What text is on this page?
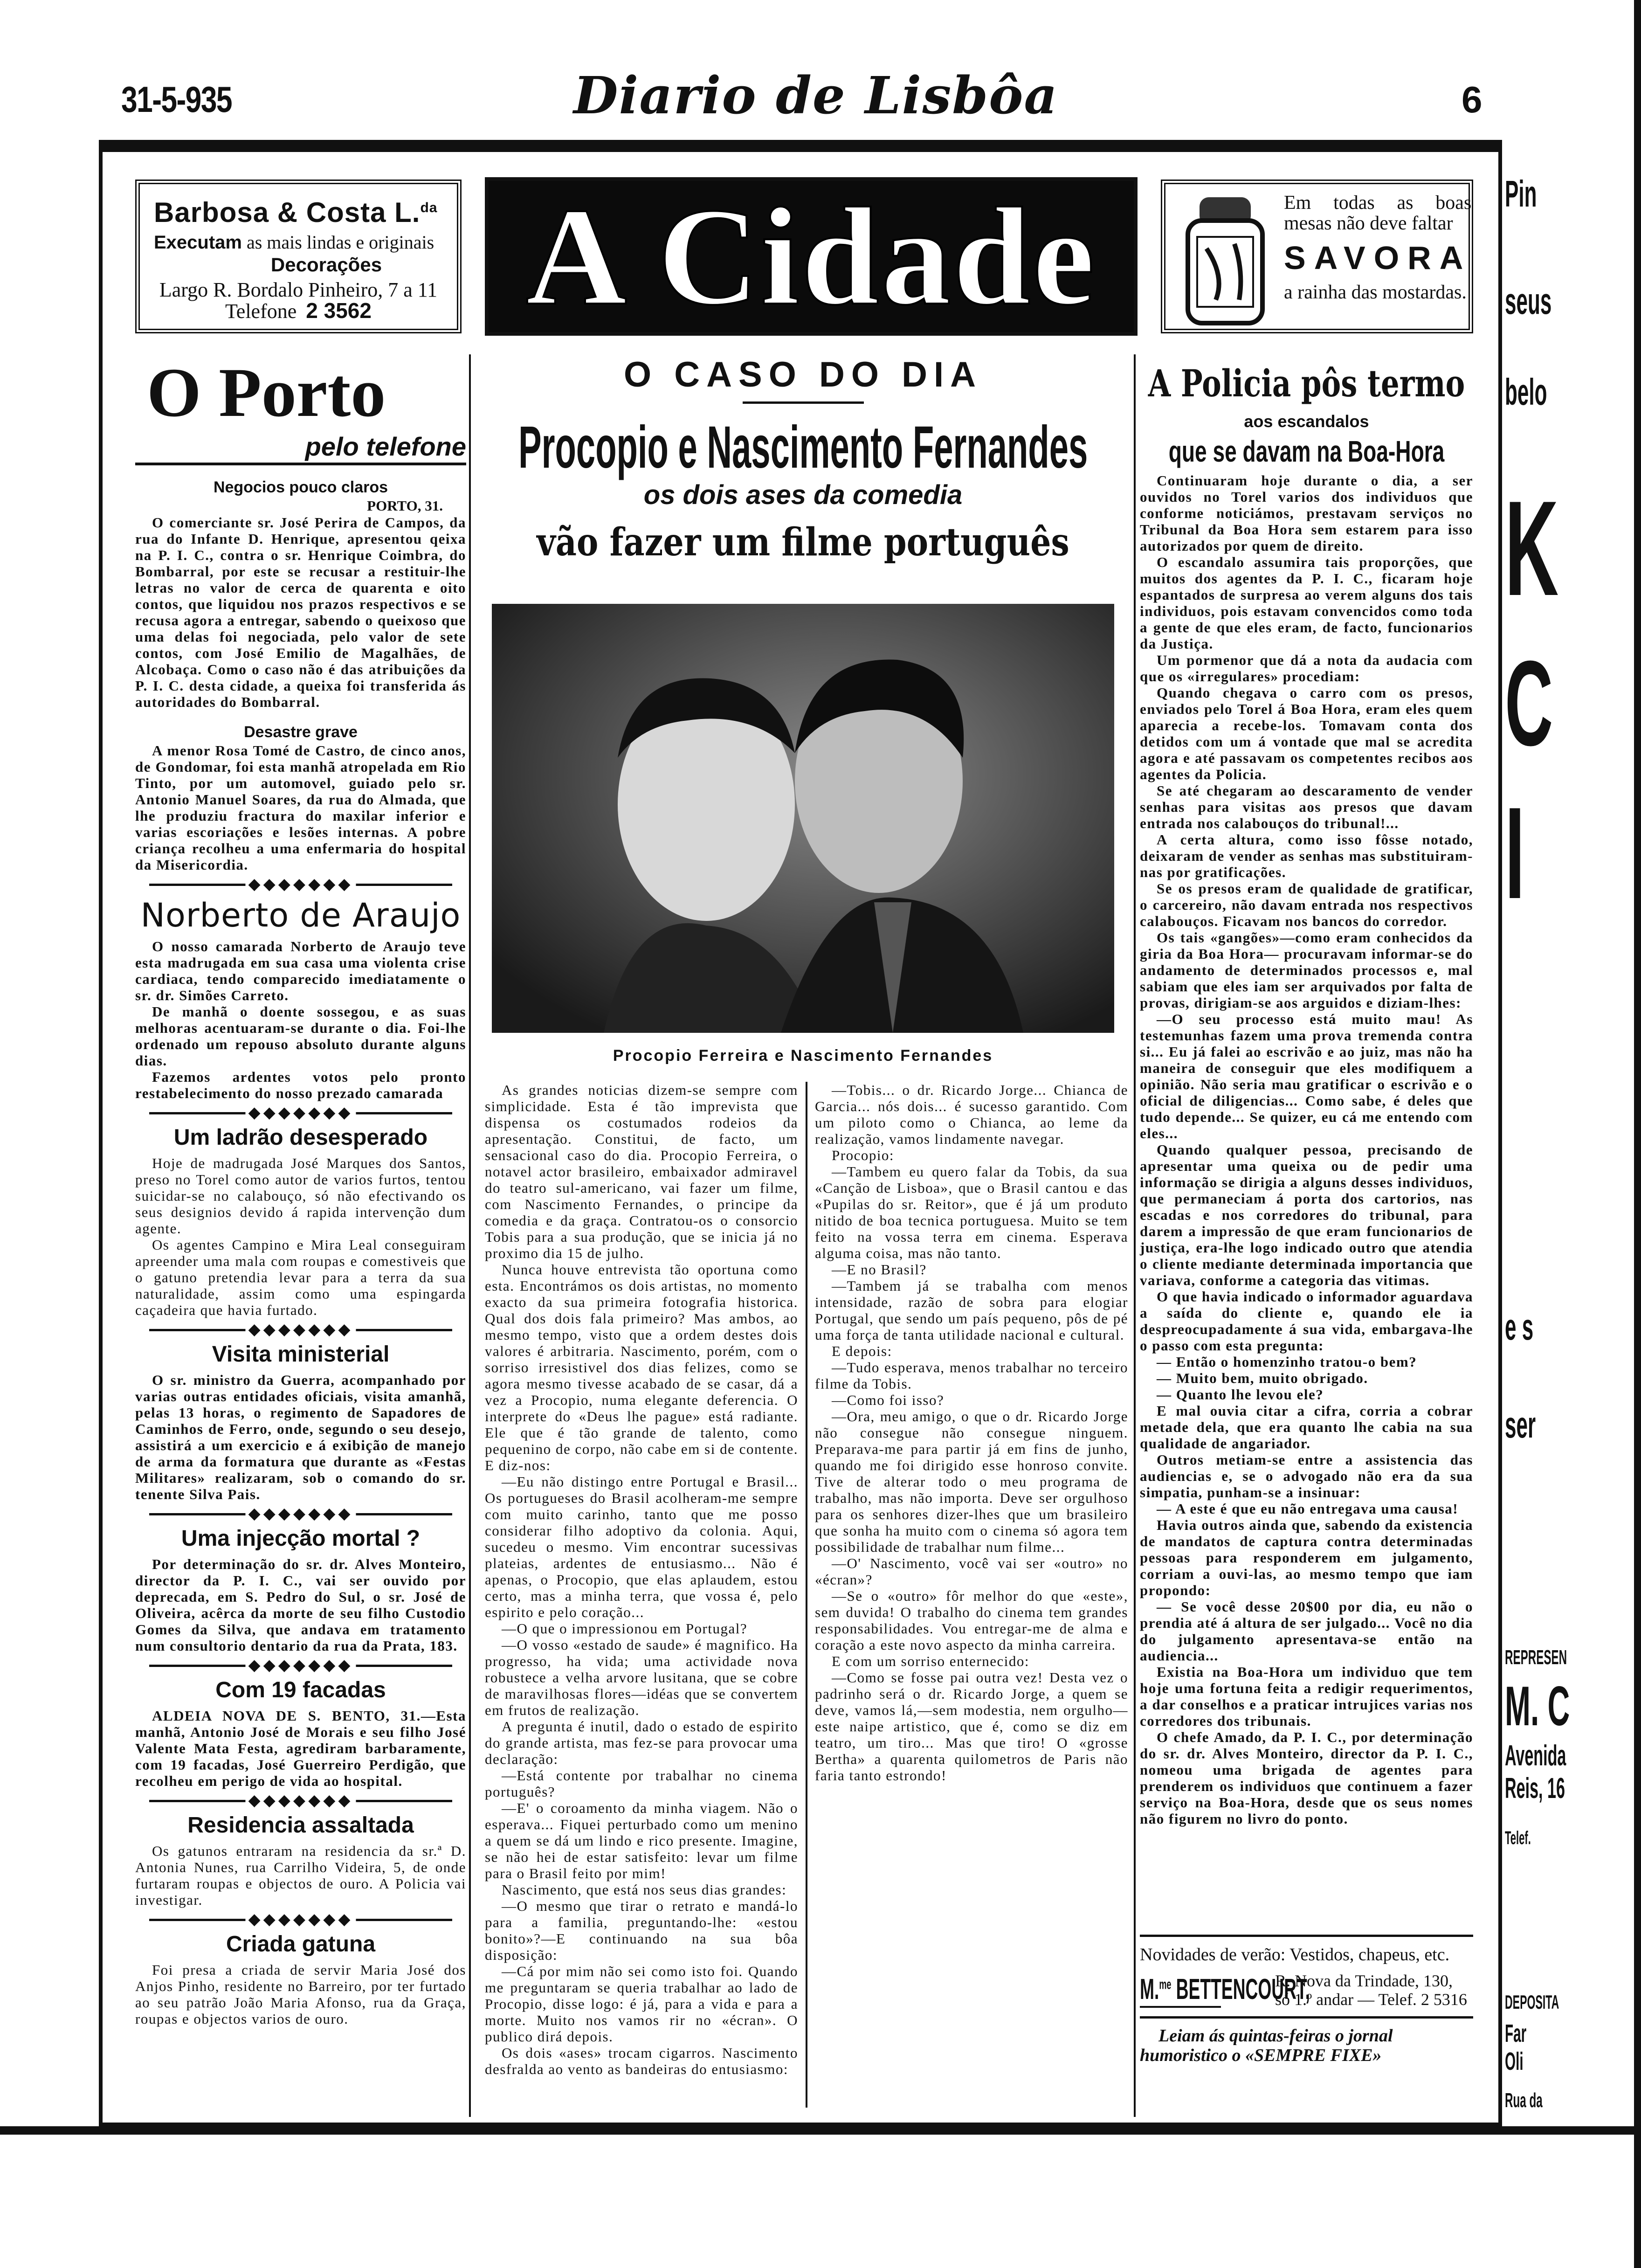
31-5-935	Diario de Lisbôa	6
Barbosa & Costa L.$^{da}$
Executam as mais lindas e originais
Decorações
Largo R. Bordalo Pinheiro, 7 a 11
Telefone 2 3562	A Cidade	Em todas as boas mesas não deve faltar
SAVORA
a rainha das mostardas.
O Porto
pelo telefone
Negocios pouco claros
PORTO, 31.

O comerciante sr. José Perira de Campos, da rua do Infante D. Henrique, apresentou qeixa na P. I. C., contra o sr. Henrique Coimbra, do Bombarral, por este se recusar a restituir-lhe letras no valor de cerca de quarenta e oito contos, que liquidou nos prazos respectivos e se recusa agora a entregar, sabendo o queixoso que uma delas foi negociada, pelo valor de sete contos, com José Emilio de Magalhães, de Alcobaça. Como o caso não é das atribuições da P. I. C. desta cidade, a queixa foi transferida ás autoridades do Bombarral.

Desastre grave

A menor Rosa Tomé de Castro, de cinco anos, de Gondomar, foi esta manhã atropelada em Rio Tinto, por um automovel, guiado pelo sr. Antonio Manuel Soares, da rua do Almada, que lhe produziu fractura do maxilar inferior e varias escoriações e lesões internas. A pobre criança recolheu a uma enfermaria do hospital da Misericordia.

◆◆◆◆◆◆◆
Norberto de Araujo

O nosso camarada Norberto de Araujo teve esta madrugada em sua casa uma violenta crise cardiaca, tendo comparecido imediatamente o sr. dr. Simões Carreto.

De manhã o doente sossegou, e as suas melhoras acentuaram-se durante o dia. Foi-lhe ordenado um repouso absoluto durante alguns dias.

Fazemos ardentes votos pelo pronto restabelecimento do nosso prezado camarada

◆◆◆◆◆◆◆
Um ladrão desesperado

Hoje de madrugada José Marques dos Santos, preso no Torel como autor de varios furtos, tentou suicidar-se no calabouço, só não efectivando os seus designios devido á rapida intervenção dum agente.

Os agentes Campino e Mira Leal conseguiram apreender uma mala com roupas e comestiveis que o gatuno pretendia levar para a terra da sua naturalidade, assim como uma espingarda caçadeira que havia furtado.

◆◆◆◆◆◆◆
Visita ministerial

O sr. ministro da Guerra, acompanhado por varias outras entidades oficiais, visita amanhã, pelas 13 horas, o regimento de Sapadores de Caminhos de Ferro, onde, segundo o seu desejo, assistirá a um exercicio e á exibição de manejo de arma da formatura que durante as «Festas Militares» realizaram, sob o comando do sr. tenente Silva Pais.

◆◆◆◆◆◆◆
Uma injecção mortal ?

Por determinação do sr. dr. Alves Monteiro, director da P. I. C., vai ser ouvido por deprecada, em S. Pedro do Sul, o sr. José de Oliveira, acêrca da morte de seu filho Custodio Gomes da Silva, que andava em tratamento num consultorio dentario da rua da Prata, 183.

◆◆◆◆◆◆◆
Com 19 facadas

ALDEIA NOVA DE S. BENTO, 31.—Esta manhã, Antonio José de Morais e seu filho José Valente Mata Festa, agrediram barbaramente, com 19 facadas, José Guerreiro Perdigão, que recolheu em perigo de vida ao hospital.

◆◆◆◆◆◆◆
Residencia assaltada

Os gatunos entraram na residencia da sr.ª D. Antonia Nunes, rua Carrilho Videira, 5, de onde furtaram roupas e objectos de ouro. A Policia vai investigar.

◆◆◆◆◆◆◆
Criada gatuna

Foi presa a criada de servir Maria José dos Anjos Pinho, residente no Barreiro, por ter furtado ao seu patrão João Maria Afonso, rua da Graça, roupas e objectos varios de ouro.

O CASO DO DIA
Procopio e Nascimento Fernandes
os dois ases da comedia
vão fazer um filme português
Procopio Ferreira e Nascimento Fernandes

As grandes noticias dizem-se sempre com simplicidade. Esta é tão imprevista que dispensa os costumados rodeios da apresentação. Constitui, de facto, um sensacional caso do dia. Procopio Ferreira, o notavel actor brasileiro, embaixador admiravel do teatro sul-americano, vai fazer um filme, com Nascimento Fernandes, o principe da comedia e da graça. Contratou-os o consorcio Tobis para a sua produção, que se inicia já no proximo dia 15 de julho.

Nunca houve entrevista tão oportuna como esta. Encontrámos os dois artistas, no momento exacto da sua primeira fotografia historica. Qual dos dois fala primeiro? Mas ambos, ao mesmo tempo, visto que a ordem destes dois valores é arbitraria. Nascimento, porém, com o sorriso irresistivel dos dias felizes, como se agora mesmo tivesse acabado de se casar, dá a vez a Procopio, numa elegante deferencia. O interprete do «Deus lhe pague» está radiante. Ele que é tão grande de talento, como pequenino de corpo, não cabe em si de contente. E diz-nos:

—Eu não distingo entre Portugal e Brasil... Os portugueses do Brasil acolheram-me sempre com muito carinho, tanto que me posso considerar filho adoptivo da colonia. Aqui, sucedeu o mesmo. Vim encontrar sucessivas plateias, ardentes de entusiasmo... Não é apenas, o Procopio, que elas aplaudem, estou certo, mas a minha terra, que vossa é, pelo espirito e pelo coração...

—O que o impressionou em Portugal?

—O vosso «estado de saude» é magnifico. Ha progresso, ha vida; uma actividade nova robustece a velha arvore lusitana, que se cobre de maravilhosas flores—idéas que se convertem em frutos de realização.

A pregunta é inutil, dado o estado de espirito do grande artista, mas fez-se para provocar uma declaração:

—Está contente por trabalhar no cinema português?

—E' o coroamento da minha viagem. Não o esperava... Fiquei perturbado como um menino a quem se dá um lindo e rico presente. Imagine, se não hei de estar satisfeito: levar um filme para o Brasil feito por mim!

Nascimento, que está nos seus dias grandes:

—O mesmo que tirar o retrato e mandá-lo para a familia, preguntando-lhe: «estou bonito»?—E continuando na sua bôa disposição:

—Cá por mim não sei como isto foi. Quando me preguntaram se queria trabalhar ao lado de Procopio, disse logo: é já, para a vida e para a morte. Muito nos vamos rir no «écran». O publico dirá depois.

Os dois «ases» trocam cigarros. Nascimento desfralda ao vento as bandeiras do entusiasmo:

—Tobis... o dr. Ricardo Jorge... Chianca de Garcia... nós dois... é sucesso garantido. Com um piloto como o Chianca, ao leme da realização, vamos lindamente navegar.

Procopio:

—Tambem eu quero falar da Tobis, da sua «Canção de Lisboa», que o Brasil cantou e das «Pupilas do sr. Reitor», que é já um produto nitido de boa tecnica portuguesa. Muito se tem feito na vossa terra em cinema. Esperava alguma coisa, mas não tanto.

—E no Brasil?

—Tambem já se trabalha com menos intensidade, razão de sobra para elogiar Portugal, que sendo um país pequeno, pôs de pé uma força de tanta utilidade nacional e cultural.

E depois:

—Tudo esperava, menos trabalhar no terceiro filme da Tobis.

—Como foi isso?

—Ora, meu amigo, o que o dr. Ricardo Jorge não consegue não consegue ninguem. Preparava-me para partir já em fins de junho, quando me foi dirigido esse honroso convite. Tive de alterar todo o meu programa de trabalho, mas não importa. Deve ser orgulhoso para os senhores dizer-lhes que um brasileiro que sonha ha muito com o cinema só agora tem possibilidade de trabalhar num filme...

—O' Nascimento, você vai ser «outro» no «écran»?

—Se o «outro» fôr melhor do que «este», sem duvida! O trabalho do cinema tem grandes responsabilidades. Vou entregar-me de alma e coração a este novo aspecto da minha carreira.

E com um sorriso enternecido:

—Como se fosse pai outra vez! Desta vez o padrinho será o dr. Ricardo Jorge, a quem se deve, vamos lá,—sem modestia, nem orgulho—este naipe artistico, que é, como se diz em teatro, um tiro... Mas que tiro! O «grosse Bertha» a quarenta quilometros de Paris não faria tanto estrondo!

A Policia pôs termo
aos escandalos
que se davam na Boa-Hora

Continuaram hoje durante o dia, a ser ouvidos no Torel varios dos individuos que conforme noticiámos, prestavam serviços no Tribunal da Boa Hora sem estarem para isso autorizados por quem de direito.

O escandalo assumira tais proporções, que muitos dos agentes da P. I. C., ficaram hoje espantados de surpresa ao verem alguns dos tais individuos, pois estavam convencidos como toda a gente de que eles eram, de facto, funcionarios da Justiça.

Um pormenor que dá a nota da audacia com que os «irregulares» procediam:

Quando chegava o carro com os presos, enviados pelo Torel á Boa Hora, eram eles quem aparecia a recebe-los. Tomavam conta dos detidos com um á vontade que mal se acredita agora e até passavam os competentes recibos aos agentes da Policia.

Se até chegaram ao descaramento de vender senhas para visitas aos presos que davam entrada nos calabouços do tribunal!...

A certa altura, como isso fôsse notado, deixaram de vender as senhas mas substituiram-nas por gratificações.

Se os presos eram de qualidade de gratificar, o carcereiro, não davam entrada nos respectivos calabouços. Ficavam nos bancos do corredor.

Os tais «gangões»—como eram conhecidos da giria da Boa Hora— procuravam informar-se do andamento de determinados processos e, mal sabiam que eles iam ser arquivados por falta de provas, dirigiam-se aos arguidos e diziam-lhes:

—O seu processo está muito mau! As testemunhas fazem uma prova tremenda contra si... Eu já falei ao escrivão e ao juiz, mas não ha maneira de conseguir que eles modifiquem a opinião. Não seria mau gratificar o escrivão e o oficial de diligencias... Como sabe, é deles que tudo depende... Se quizer, eu cá me entendo com eles...

Quando qualquer pessoa, precisando de apresentar uma queixa ou de pedir uma informação se dirigia a alguns desses individuos, que permaneciam á porta dos cartorios, nas escadas e nos corredores do tribunal, para darem a impressão de que eram funcionarios de justiça, era-lhe logo indicado outro que atendia o cliente mediante determinada importancia que variava, conforme a categoria das vitimas.

O que havia indicado o informador aguardava a saída do cliente e, quando ele ia despreocupadamente á sua vida, embargava-lhe o passo com esta pregunta:

— Então o homenzinho tratou-o bem?

— Muito bem, muito obrigado.

— Quanto lhe levou ele?

E mal ouvia citar a cifra, corria a cobrar metade dela, que era quanto lhe cabia na sua qualidade de angariador.

Outros metiam-se entre a assistencia das audiencias e, se o advogado não era da sua simpatia, punham-se a insinuar:

— A este é que eu não entregava uma causa!

Havia outros ainda que, sabendo da existencia de mandatos de captura contra determinadas pessoas para responderem em julgamento, corriam a ouvi-las, ao mesmo tempo que iam propondo:

— Se você desse 20$00 por dia, eu não o prendia até á altura de ser julgado... Você no dia do julgamento apresentava-se então na audiencia...

Existia na Boa-Hora um individuo que tem hoje uma fortuna feita a redigir requerimentos, a dar conselhos e a praticar intrujices varias nos corredores dos tribunais.

O chefe Amado, da P. I. C., por determinação do sr. dr. Alves Monteiro, director da P. I. C., nomeou uma brigada de agentes para prenderem os individuos que continuem a fazer serviço na Boa-Hora, desde que os seus nomes não figurem no livro do ponto.

Novidades de verão: Vestidos, chapeus, etc.
M.$^{me}$ BETTENCOURT,
R. Nova da Trindade, 130,
só 1.º andar — Telef. 2 5316
Leiam ás quintas-feiras o jornal humoristico o «SEMPRE FIXE»
Pin
seus
belo
K
C
I
e s
ser
REPRESEN
M. C
Avenida
Reis, 16
Telef.
DEPOSITA
Far
Oli
Rua da
